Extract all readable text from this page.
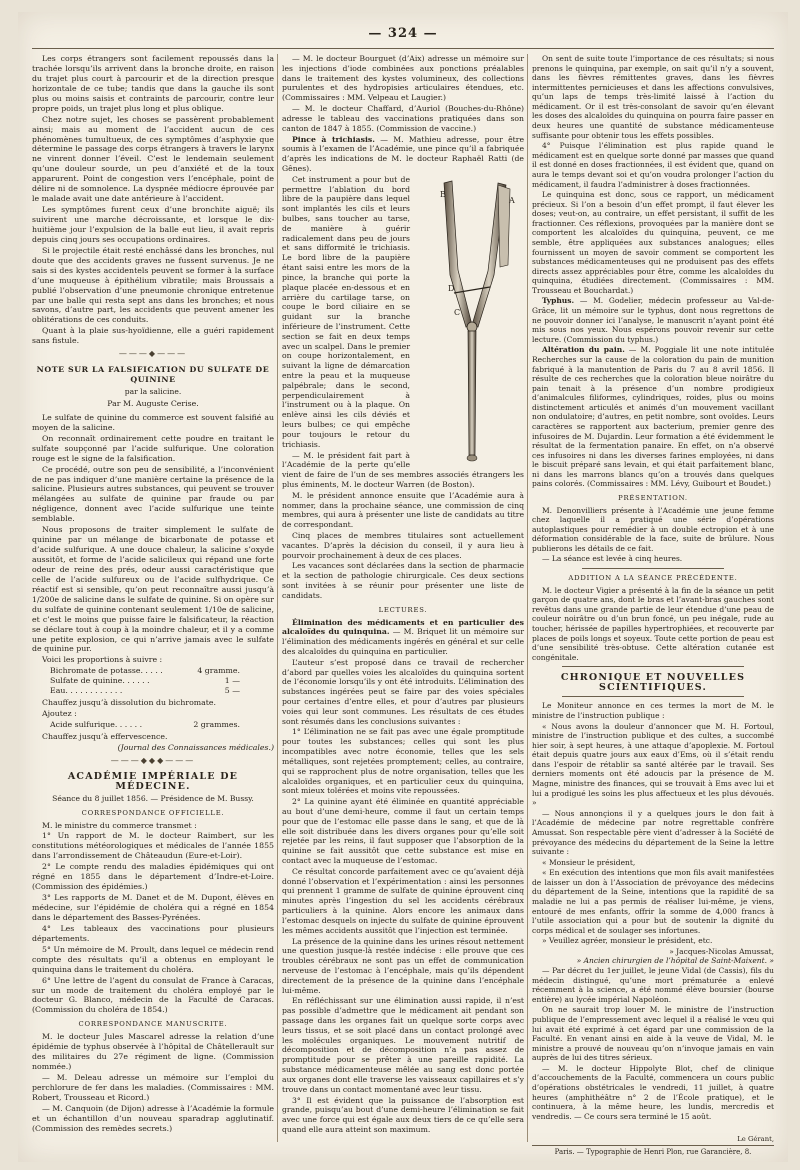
— 324 —

Les corps étrangers sont facilement repoussés dans la trachée lorsqu’ils arrivent dans la bronche droite, en raison du trajet plus court à parcourir et de la direction presque horizontale de ce tube; tandis que dans la gauche ils sont plus ou moins saisis et contraints de parcourir, contre leur propre poids, un trajet plus long et plus oblique.

Chez notre sujet, les choses se passèrent probablement ainsi; mais au moment de l’accident aucun de ces phénomènes tumultueux, de ces symptômes d’asphyxie que détermine le passage des corps étrangers à travers le larynx ne vinrent donner l’éveil. C’est le lendemain seulement qu’une douleur sourde, un peu d’anxiété et de la toux apparurent. Point de congestion vers l’encéphale, point de délire ni de somnolence. La dyspnée médiocre éprouvée par le malade avait une date antérieure à l’accident.

Les symptômes furent ceux d’une bronchite aiguë; ils suivirent une marche décroissante, et lorsque le dix-huitième jour l’expulsion de la balle eut lieu, il avait repris depuis cinq jours ses occupations ordinaires.

Si le projectile était resté enchâssé dans les bronches, nul doute que des accidents graves ne fussent survenus. Je ne sais si des kystes accidentels peuvent se former à la surface d’une muqueuse à épithélium vibratile; mais Broussais a publié l’observation d’une pneumonie chronique entretenue par une balle qui resta sept ans dans les bronches; et nous savons, d’autre part, les accidents que peuvent amener les oblitérations de ces conduits.

Quant à la plaie sus-hyoïdienne, elle a guéri rapidement sans fistule.

———◆———
NOTE SUR LA FALSIFICATION DU SULFATE DE QUININE
par la salicine.
Par M. Auguste Cerise.

Le sulfate de quinine du commerce est souvent falsifié au moyen de la salicine.

On reconnaît ordinairement cette poudre en traitant le sulfate soupçonné par l’acide sulfurique. Une coloration rouge est le signe de la falsification.

Ce procédé, outre son peu de sensibilité, a l’inconvénient de ne pas indiquer d’une manière certaine la présence de la salicine. Plusieurs autres substances, qui peuvent se trouver mélangées au sulfate de quinine par fraude ou par négligence, donnent avec l’acide sulfurique une teinte semblable.

Nous proposons de traiter simplement le sulfate de quinine par un mélange de bicarbonate de potasse et d’acide sulfurique. A une douce chaleur, la salicine s’oxyde aussitôt, et forme de l’acide salicileux qui répand une forte odeur de reine des prés, odeur aussi caractéristique que celle de l’acide sulfureux ou de l’acide sulfhydrique. Ce réactif est si sensible, qu’on peut reconnaître aussi jusqu’à 1/200e de salicine dans le sulfate de quinine. Si on opère sur du sulfate de quinine contenant seulement 1/10e de salicine, et c’est le moins que puisse faire le falsificateur, la réaction se déclare tout à coup à la moindre chaleur, et il y a comme une petite explosion, ce qui n’arrive jamais avec le sulfate de quinine pur.

Voici les proportions à suivre :

Bichromate de potasse. . . . .	4 gramme.
Sulfate de quinine. . . . . .	1 —
Eau. . . . . . . . . . . .	5 —

Chauffez jusqu’à dissolution du bichromate.

Ajoutez :

Acide sulfurique. . . . . .	2 grammes.

Chauffez jusqu’à effervescence.

(Journal des Connaissances médicales.)
———◆◆◆———
ACADÉMIE IMPÉRIALE DE MÉDECINE.
Séance du 8 juillet 1856. — Présidence de M. Bussy.
CORRESPONDANCE OFFICIELLE.

M. le ministre du commerce transmet :

1° Un rapport de M. le docteur Raimbert, sur les constitutions météorologiques et médicales de l’année 1855 dans l’arrondissement de Châteaudun (Eure-et-Loir).

2° Le compte rendu des maladies épidémiques qui ont régné en 1855 dans le département d’Indre-et-Loire. (Commission des épidémies.)

3° Les rapports de M. Danet et de M. Dupont, élèves en médecine, sur l’épidémie de choléra qui a régné en 1854 dans le département des Basses-Pyrénées.

4° Les tableaux des vaccinations pour plusieurs départements.

5° Un mémoire de M. Proult, dans lequel ce médecin rend compte des résultats qu’il a obtenus en employant le quinquina dans le traitement du choléra.

6° Une lettre de l’agent du consulat de France à Caracas, sur un mode de traitement du choléra employé par le docteur G. Blanco, médecin de la Faculté de Caracas. (Commission du choléra de 1854.)

CORRESPONDANCE MANUSCRITE.

M. le docteur Jules Mascarel adresse la relation d’une épidémie de typhus observée à l’hôpital de Châtellerault sur des militaires du 27e régiment de ligne. (Commission nommée.)

— M. Deleau adresse un mémoire sur l’emploi du perchlorure de fer dans les maladies. (Commissaires : MM. Robert, Trousseau et Ricord.)

— M. Canquoin (de Dijon) adresse à l’Académie la formule et un échantillon d’un nouveau sparadrap agglutinatif. (Commission des remèdes secrets.)

— M. le docteur Bourguet (d’Aix) adresse un mémoire sur les injections d’iode combinées aux ponctions préalables dans le traitement des kystes volumineux, des collections purulentes et des hydropisies articulaires étendues, etc. (Commissaires : MM. Velpeau et Laugier.)

— M. le docteur Chaffard, d’Auriol (Bouches-du-Rhône) adresse le tableau des vaccinations pratiquées dans son canton de 1847 à 1855. (Commission de vaccine.)

Pince à trichiasis. — M. Mathieu adresse, pour être soumis à l’examen de l’Académie, une pince qu’il a fabriquée d’après les indications de M. le docteur Raphaël Ratti (de Gênes).

B
A
D
C

Cet instrument a pour but de permettre l’ablation du bord libre de la paupière dans lequel sont implantés les cils et leurs bulbes, sans toucher au tarse, de manière à guérir radicalement dans peu de jours et sans difformité le trichiasis. Le bord libre de la paupière étant saisi entre les mors de la pince, la branche qui porte la plaque placée en-dessous et en arrière du cartilage tarse, on coupe le bord ciliaire en se guidant sur la branche inférieure de l’instrument. Cette section se fait en deux temps avec un scalpel. Dans le premier on coupe horizontalement, en suivant la ligne de démarcation entre la peau et la muqueuse palpébrale; dans le second, perpendiculairement à l’instrument ou à la plaque. On enlève ainsi les cils déviés et leurs bulbes; ce qui empêche pour toujours le retour du trichiasis.

— M. le président fait part à l’Académie de la perte qu’elle vient de faire de l’un de ses membres associés étrangers les plus éminents, M. le docteur Warren (de Boston).

M. le président annonce ensuite que l’Académie aura à nommer, dans la prochaine séance, une commission de cinq membres, qui aura à présenter une liste de candidats au titre de correspondant.

Cinq places de membres titulaires sont actuellement vacantes. D’après la décision du conseil, il y aura lieu à pourvoir prochainement à deux de ces places.

Les vacances sont déclarées dans la section de pharmacie et la section de pathologie chirurgicale. Ces deux sections sont invitées à se réunir pour présenter une liste de candidats.

LECTURES.

Élimination des médicaments et en particulier des alcaloïdes du quinquina. — M. Briquet lit un mémoire sur l’élimination des médicaments ingérés en général et sur celle des alcaloïdes du quinquina en particulier.

L’auteur s’est proposé dans ce travail de rechercher d’abord par quelles voies les alcaloïdes du quinquina sortent de l’économie lorsqu’ils y ont été introduits. L’élimination des substances ingérées peut se faire par des voies spéciales pour certaines d’entre elles, et pour d’autres par plusieurs voies qui leur sont communes. Les résultats de ces études sont résumés dans les conclusions suivantes :

1° L’élimination ne se fait pas avec une égale promptitude pour toutes les substances; celles qui sont les plus incompatibles avec notre économie, telles que les sels métalliques, sont rejetées promptement; celles, au contraire, qui se rapprochent plus de notre organisation, telles que les alcaloïdes organiques, et en particulier ceux du quinquina, sont mieux tolérées et moins vite repoussées.

2° La quinine ayant été éliminée en quantité appréciable au bout d’une demi-heure, comme il faut un certain temps pour que de l’estomac elle passe dans le sang, et que de là elle soit distribuée dans les divers organes pour qu’elle soit rejetée par les reins, il faut supposer que l’absorption de la quinine se fait aussitôt que cette substance est mise en contact avec la muqueuse de l’estomac.

Ce résultat concorde parfaitement avec ce qu’avaient déjà donné l’observation et l’expérimentation : ainsi les personnes qui prennent 1 gramme de sulfate de quinine éprouvent cinq minutes après l’ingestion du sel les accidents cérébraux particuliers à la quinine. Alors encore les animaux dans l’estomac desquels on injecte du sulfate de quinine éprouvent les mêmes accidents aussitôt que l’injection est terminée.

La présence de la quinine dans les urines résout nettement une question jusque-là restée indécise : elle prouve que ces troubles cérébraux ne sont pas un effet de communication nerveuse de l’estomac à l’encéphale, mais qu’ils dépendent directement de la présence de la quinine dans l’encéphale lui-même.

En réfléchissant sur une élimination aussi rapide, il n’est pas possible d’admettre que le médicament ait pendant son passage dans les organes fait un quelque sorte corps avec leurs tissus, et se soit placé dans un contact prolongé avec les molécules organiques. Le mouvement nutritif de décomposition et de décomposition n’a pas assez de promptitude pour se prêter à une pareille rapidité. La substance médicamenteuse mêlée au sang est donc portée aux organes dont elle traverse les vaisseaux capillaires et s’y trouve dans un contact momentané avec leur tissu.

3° Il est évident que la puissance de l’absorption est grande, puisqu’au bout d’une demi-heure l’élimination se fait avec une force qui est égale aux deux tiers de ce qu’elle sera quand elle aura atteint son maximum.

On sent de suite toute l’importance de ces résultats; si nous prenons le quinquina, par exemple, on sait qu’il n’y a souvent, dans les fièvres rémittentes graves, dans les fièvres intermittentes pernicieuses et dans les affections convulsives, qu’un laps de temps très-limité laissé à l’action du médicament. Or il est très-consolant de savoir qu’en élevant les doses des alcaloïdes du quinquina on pourra faire passer en deux heures une quantité de substance médicamenteuse suffisante pour obtenir tous les effets possibles.

4° Puisque l’élimination est plus rapide quand le médicament est en quelque sorte donné par masses que quand il est donné en doses fractionnées, il est évident que, quand on aura le temps devant soi et qu’on voudra prolonger l’action du médicament, il faudra l’administrer à doses fractionnées.

Le quinquina est donc, sous ce rapport, un médicament précieux. Si l’on a besoin d’un effet prompt, il faut élever les doses; veut-on, au contraire, un effet persistant, il suffit de les fractionner. Ces réflexions, provoquées par la manière dont se comportent les alcaloïdes du quinquina, peuvent, ce me semble, être appliquées aux substances analogues; elles fournissent un moyen de savoir comment se comportent les substances médicamenteuses qui ne produisent pas des effets directs assez appréciables pour être, comme les alcaloïdes du quinquina, étudiées directement. (Commissaires : MM. Trousseau et Bouchardat.)

Typhus. — M. Godelier, médecin professeur au Val-de-Grâce, lit un mémoire sur le typhus, dont nous regrettons de ne pouvoir donner ici l’analyse, le manuscrit n’ayant point été mis sous nos yeux. Nous espérons pouvoir revenir sur cette lecture. (Commission du typhus.)

Altération du pain. — M. Poggiale lit une note intitulée Recherches sur la cause de la coloration du pain de munition fabriqué à la manutention de Paris du 7 au 8 avril 1856. Il résulte de ces recherches que la coloration bleue noirâtre du pain tenait à la présence d’un nombre prodigieux d’animalcules filiformes, cylindriques, roides, plus ou moins distinctement articulés et animés d’un mouvement vacillant non ondulatoire; d’autres, en petit nombre, sont ovoïdes. Leurs caractères se rapportent aux bacterium, premier genre des infusoires de M. Dujardin. Leur formation a été évidemment le résultat de la fermentation panaire. En effet, on n’a observé ces infusoires ni dans les diverses farines employées, ni dans le biscuit préparé sans levain, et qui était parfaitement blanc, ni dans les marrons blancs qu’on a trouvés dans quelques pains colorés. (Commissaires : MM. Lévy, Guibourt et Boudet.)

PRÉSENTATION.

M. Denonvilliers présente à l’Académie une jeune femme chez laquelle il a pratiqué une série d’opérations autoplastiques pour remédier à un double ectropion et à une déformation considérable de la face, suite de brûlure. Nous publierons les détails de ce fait.

— La séance est levée à cinq heures.

ADDITION A LA SÉANCE PRÉCÉDENTE.

M. le docteur Vigier a présenté à la fin de la séance un petit garçon de quatre ans, dont le bras et l’avant-bras gauches sont revêtus dans une grande partie de leur étendue d’une peau de couleur noirâtre ou d’un brun foncé, un peu inégale, rude au toucher, hérissée de papilles hypertrophiées, et recouverte par places de poils longs et soyeux. Toute cette portion de peau est d’une sensibilité très-obtuse. Cette altération cutanée est congénitale.

CHRONIQUE ET NOUVELLES SCIENTIFIQUES.

Le Moniteur annonce en ces termes la mort de M. le ministre de l’instruction publique :

« Nous avons la douleur d’annoncer que M. H. Fortoul, ministre de l’instruction publique et des cultes, a succombé hier soir, à sept heures, à une attaque d’apoplexie. M. Fortoul était depuis quatre jours aux eaux d’Ems, où il s’était rendu dans l’espoir de rétablir sa santé altérée par le travail. Ses derniers moments ont été adoucis par la présence de M. Magne, ministre des finances, qui se trouvait à Ems avec lui et lui a prodigué les soins les plus affectueux et les plus dévoués. »

— Nous annonçions il y a quelques jours le don fait à l’Académie de médecine par notre regrettable confrère Amussat. Son respectable père vient d’adresser à la Société de prévoyance des médecins du département de la Seine la lettre suivante :

« Monsieur le président,

« En exécution des intentions que mon fils avait manifestées de laisser un don à l’Association de prévoyance des médecins du département de la Seine, intentions que la rapidité de sa maladie ne lui a pas permis de réaliser lui-même, je viens, entouré de mes enfants, offrir la somme de 4,000 francs à l’utile association qui a pour but de soutenir la dignité du corps médical et de soulager ses infortunes.

» Veuillez agréer, monsieur le président, etc.

» Jacques-Nicolas Amussat,
» Ancien chirurgien de l’hôpital de Saint-Maixent. »

— Par décret du 1er juillet, le jeune Vidal (de Cassis), fils du médecin distingué, qu’une mort prématurée a enlevé récemment à la science, a été nommé élève boursier (bourse entière) au lycée impérial Napoléon.

On ne saurait trop louer M. le ministre de l’instruction publique de l’empressement avec lequel il a réalisé le vœu qui lui avait été exprimé à cet égard par une commission de la Faculté. En venant ainsi en aide à la veuve de Vidal, M. le ministre a prouvé de nouveau qu’on n’invoque jamais en vain auprès de lui des titres sérieux.

— M. le docteur Hippolyte Blot, chef de clinique d’accouchements de la Faculté, commencera un cours public d’opérations obstétricales le vendredi, 11 juillet, à quatre heures (amphithéâtre n° 2 de l’École pratique), et le continuera, à la même heure, les lundis, mercredis et vendredis. — Ce cours sera terminé le 15 août.

Le Gérant,
Paris. — Typographie de Henri Plon, rue Garancière, 8.
